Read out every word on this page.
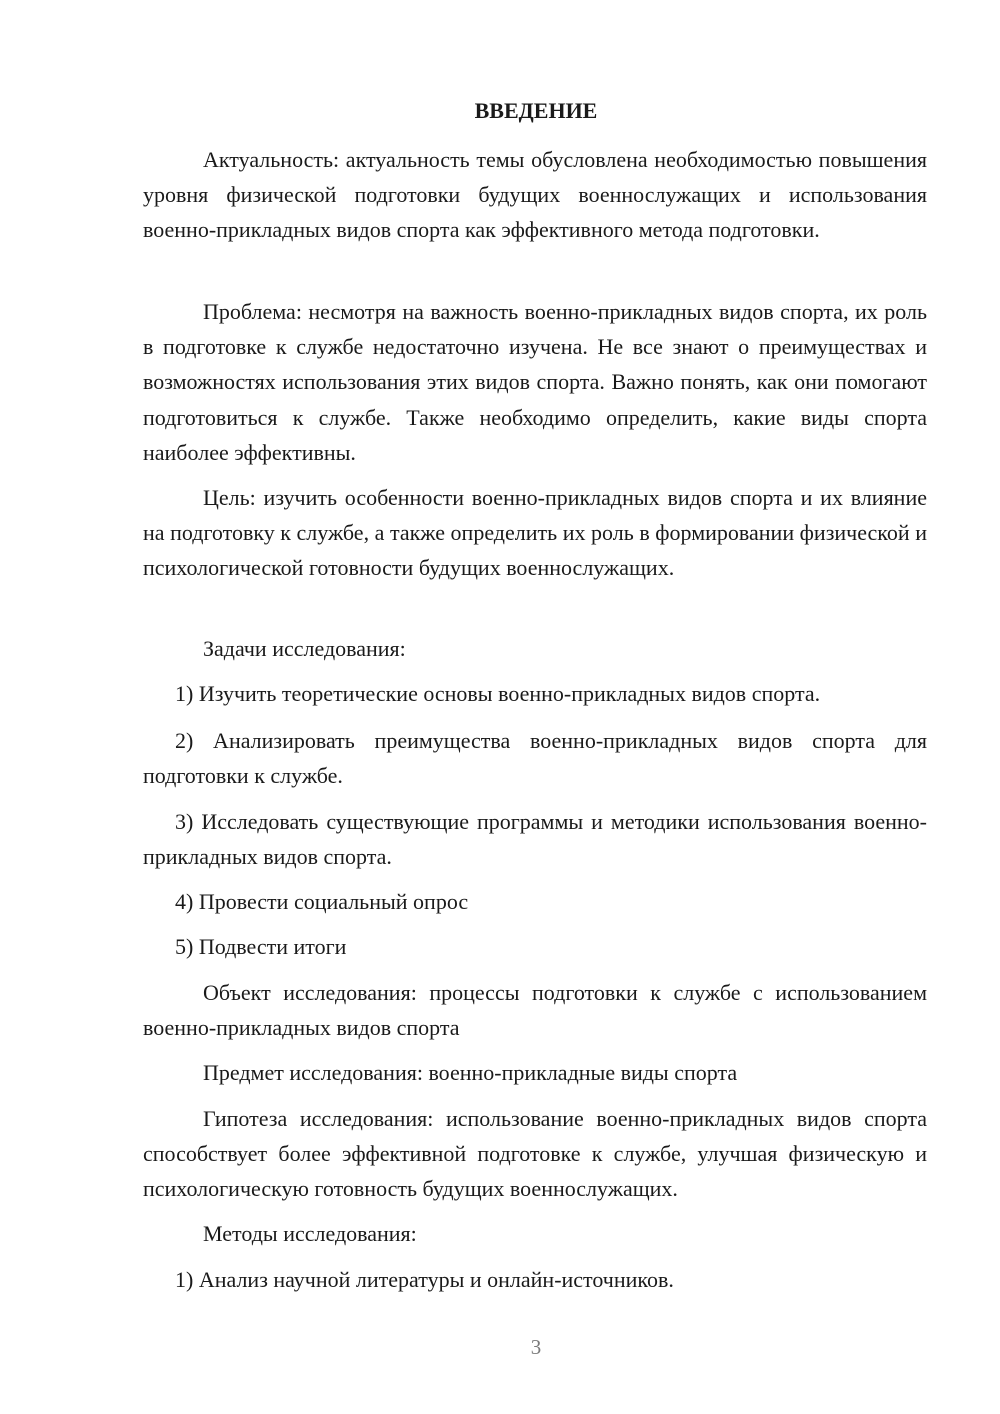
ВВЕДЕНИЕ

Актуальность: актуальность темы обусловлена необходимостью повышения уровня физической подготовки будущих военнослужащих и использования военно-прикладных видов спорта как эффективного метода подготовки.

Проблема: несмотря на важность военно-прикладных видов спорта, их роль в подготовке к службе недостаточно изучена. Не все знают о преимуществах и возможностях использования этих видов спорта. Важно понять, как они помогают подготовиться к службе. Также необходимо определить, какие виды спорта наиболее эффективны.

Цель: изучить особенности военно-прикладных видов спорта и их влияние на подготовку к службе, а также определить их роль в формировании физической и психологической готовности будущих военнослужащих.

Задачи исследования:

1) Изучить теоретические основы военно-прикладных видов спорта.

2) Анализировать преимущества военно-прикладных видов спорта для подготовки к службе.

3) Исследовать существующие программы и методики использования военно-прикладных видов спорта.

4) Провести социальный опрос

5) Подвести итоги

Объект исследования: процессы подготовки к службе с использованием военно-прикладных видов спорта

Предмет исследования: военно-прикладные виды спорта

Гипотеза исследования: использование военно-прикладных видов спорта способствует более эффективной подготовке к службе, улучшая физическую и психологическую готовность будущих военнослужащих.

Методы исследования:

1) Анализ научной литературы и онлайн-источников.

3
